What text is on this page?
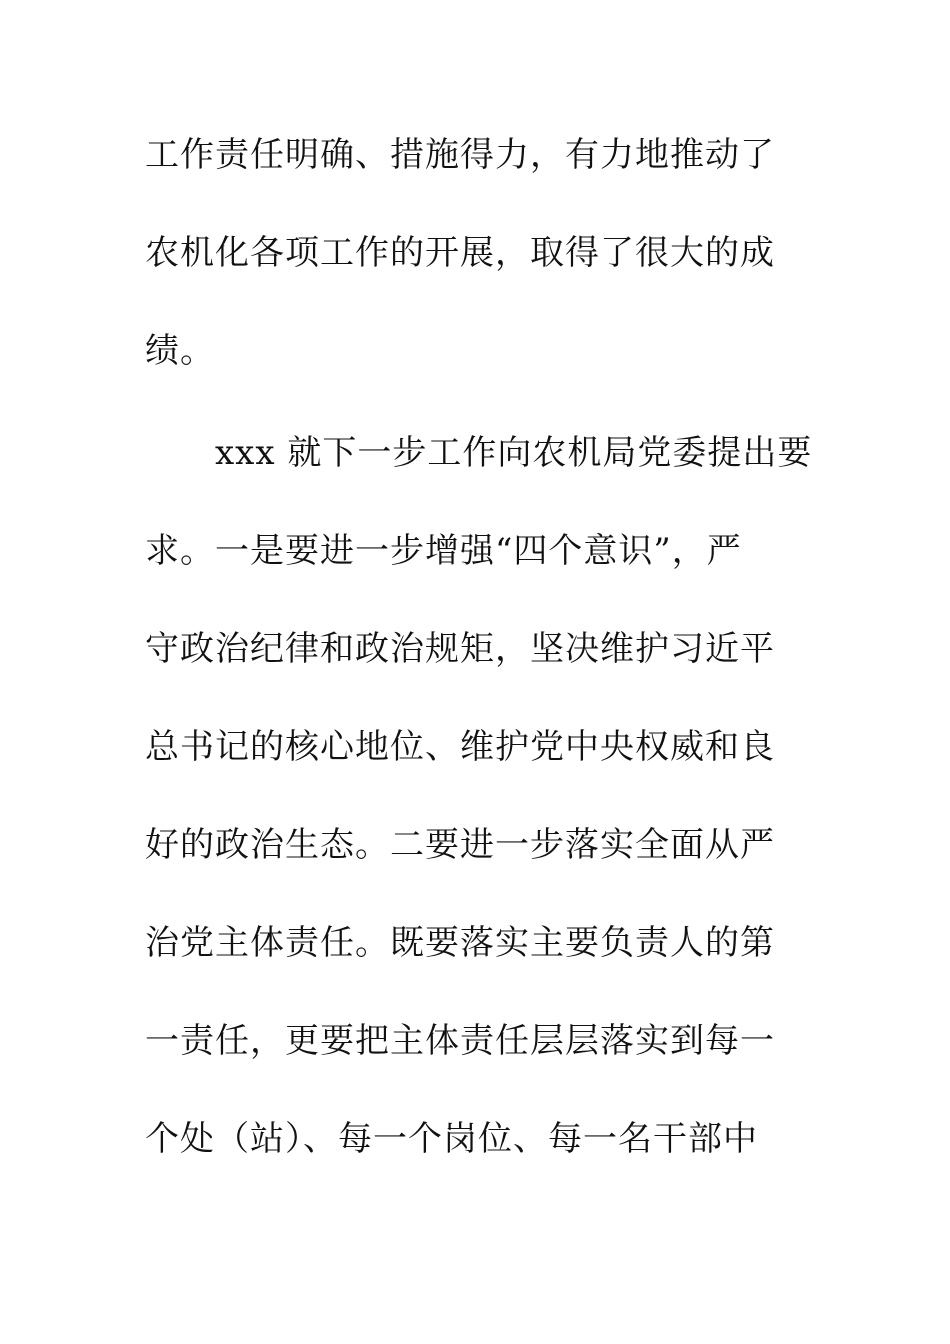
工作责任明确、措施得力，有力地推动了
农机化各项工作的开展，取得了很大的成
绩。
xxx 就下一步工作向农机局党委提出要
求。一是要进一步增强“四个意识”，严
守政治纪律和政治规矩，坚决维护习近平
总书记的核心地位、维护党中央权威和良
好的政治生态。二要进一步落实全面从严
治党主体责任。既要落实主要负责人的第
一责任，更要把主体责任层层落实到每一
个处（站）、每一个岗位、每一名干部中
